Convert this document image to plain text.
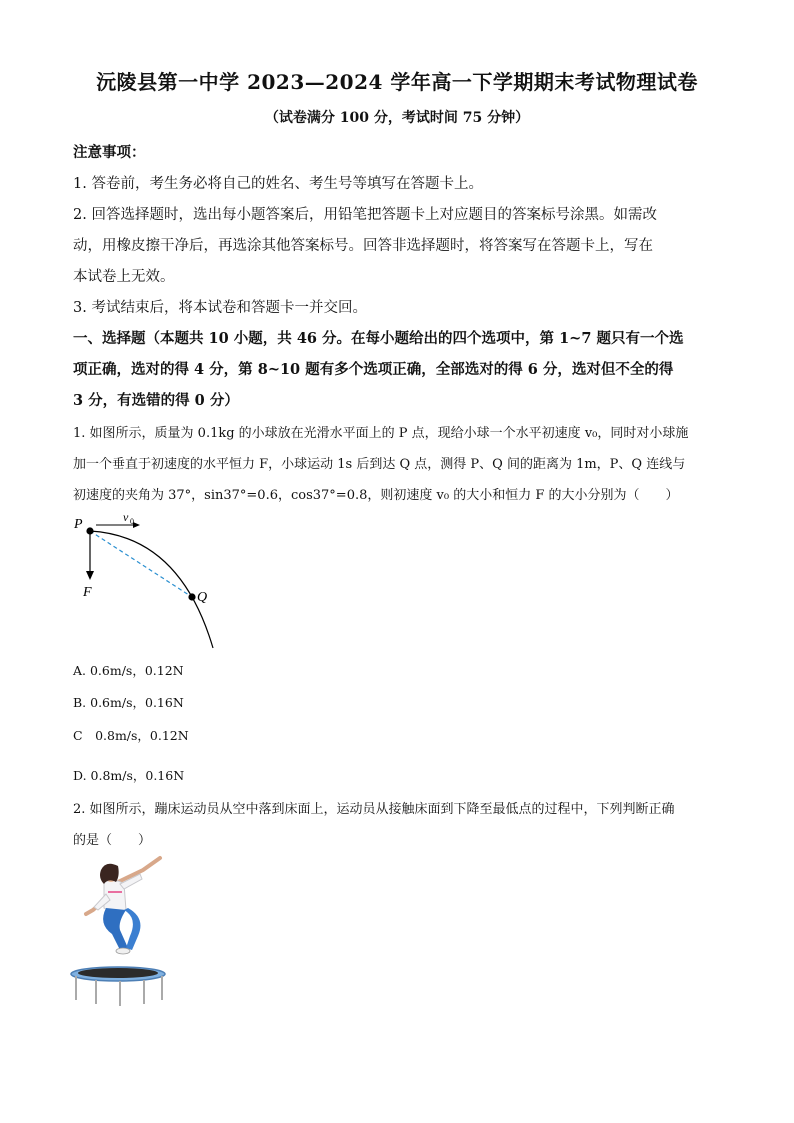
沅陵县第一中学 2023—2024 学年高一下学期期末考试物理试卷
（试卷满分 100 分，考试时间 75 分钟）
注意事项：
1. 答卷前，考生务必将自己的姓名、考生号等填写在答题卡上。
2. 回答选择题时，选出每小题答案后，用铅笔把答题卡上对应题目的答案标号涂黑。如需改
动，用橡皮擦干净后，再选涂其他答案标号。回答非选择题时，将答案写在答题卡上，写在
本试卷上无效。
3. 考试结束后，将本试卷和答题卡一并交回。
一、选择题（本题共 10 小题，共 46 分。在每小题给出的四个选项中，第 1~7 题只有一个选
项正确，选对的得 4 分，第 8~10 题有多个选项正确，全部选对的得 6 分，选对但不全的得
3 分，有选错的得 0 分）
1. 如图所示，质量为 0.1kg 的小球放在光滑水平面上的 P 点，现给小球一个水平初速度 v₀，同时对小球施
加一个垂直于初速度的水平恒力 F，小球运动 1s 后到达 Q 点，测得 P、Q 间的距离为 1m，P、Q 连线与
初速度的夹角为 37°，sin37°=0.6，cos37°=0.8，则初速度 v₀ 的大小和恒力 F 的大小分别为（　　）
P	v 0
F	Q
A. 0.6m/s，0.12N
B. 0.6m/s，0.16N
C　0.8m/s，0.12N
D. 0.8m/s，0.16N
2. 如图所示，蹦床运动员从空中落到床面上，运动员从接触床面到下降至最低点的过程中，下列判断正确
的是（　　）
